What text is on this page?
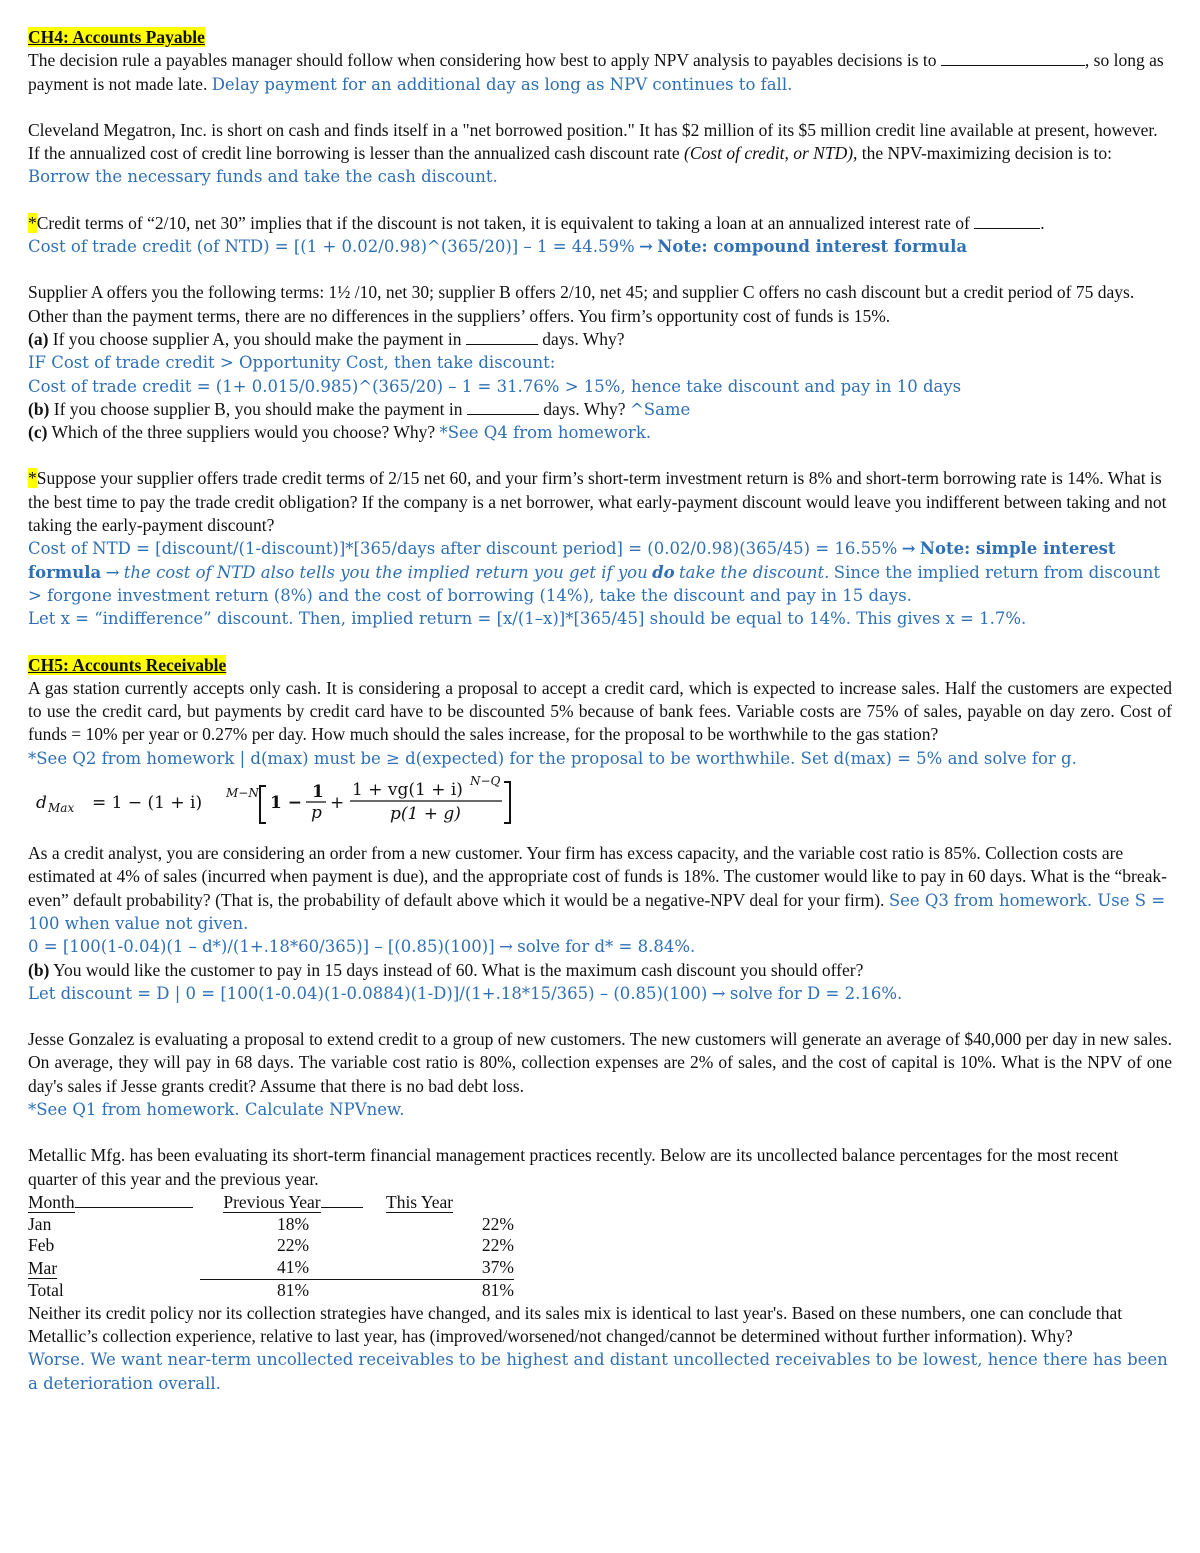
CH4: Accounts Payable

The decision rule a payables manager should follow when considering how best to apply NPV analysis to payables decisions is to	, so long as payment is not made late. Delay payment for an additional day as long as NPV continues to fall.

Cleveland Megatron, Inc. is short on cash and finds itself in a "net borrowed position." It has $2 million of its $5 million credit line available at present, however. If the annualized cost of credit line borrowing is lesser than the annualized cash discount rate (Cost of credit, or NTD), the NPV-maximizing decision is to: Borrow the necessary funds and take the cash discount.

*Credit terms of “2/10, net 30” implies that if the discount is not taken, it is equivalent to taking a loan at an annualized interest rate of	.

Cost of trade credit (of NTD) = [(1 + 0.02/0.98)^(365/20)] – 1 = 44.59% → Note: compound interest formula

Supplier A offers you the following terms: 1½ /10, net 30; supplier B offers 2/10, net 45; and supplier C offers no cash discount but a credit period of 75 days. Other than the payment terms, there are no differences in the suppliers’ offers. You firm’s opportunity cost of funds is 15%.

(a) If you choose supplier A, you should make the payment in	days. Why?

IF Cost of trade credit > Opportunity Cost, then take discount:

Cost of trade credit = (1+ 0.015/0.985)^(365/20) – 1 = 31.76% > 15%, hence take discount and pay in 10 days

(b) If you choose supplier B, you should make the payment in	days. Why? ^Same

(c) Which of the three suppliers would you choose? Why? *See Q4 from homework.

*Suppose your supplier offers trade credit terms of 2/15 net 60, and your firm’s short-term investment return is 8% and short-term borrowing rate is 14%. What is the best time to pay the trade credit obligation? If the company is a net borrower, what early-payment discount would leave you indifferent between taking and not taking the early-payment discount?

Cost of NTD = [discount/(1-discount)]*[365/days after discount period] = (0.02/0.98)(365/45) = 16.55% → Note: simple interest formula → the cost of NTD also tells you the implied return you get if you do take the discount. Since the implied return from discount > forgone investment return (8%) and the cost of borrowing (14%), take the discount and pay in 15 days.

Let x = “indifference” discount. Then, implied return = [x/(1–x)]*[365/45] should be equal to 14%. This gives x = 1.7%.

CH5: Accounts Receivable

A gas station currently accepts only cash. It is considering a proposal to accept a credit card, which is expected to increase sales. Half the customers are expected to use the credit card, but payments by credit card have to be discounted 5% because of bank fees. Variable costs are 75% of sales, payable on day zero. Cost of funds = 10% per year or 0.27% per day. How much should the sales increase, for the proposal to be worthwhile to the gas station?

*See Q2 from homework | d(max) must be ≥ d(expected) for the proposal to be worthwhile. Set d(max) = 5% and solve for g.

d Max = 1 − (1 + i) M−N 1 −
1
p +
1 + vg(1 + i) N−Q
p(1 + g)

As a credit analyst, you are considering an order from a new customer. Your firm has excess capacity, and the variable cost ratio is 85%. Collection costs are estimated at 4% of sales (incurred when payment is due), and the appropriate cost of funds is 18%. The customer would like to pay in 60 days. What is the “break-even” default probability? (That is, the probability of default above which it would be a negative-NPV deal for your firm). See Q3 from homework. Use S = 100 when value not given.

0 = [100(1-0.04)(1 – d*)/(1+.18*60/365)] – [(0.85)(100)] → solve for d* = 8.84%.

(b) You would like the customer to pay in 15 days instead of 60. What is the maximum cash discount you should offer?

Let discount = D | 0 = [100(1-0.04)(1-0.0884)(1-D)]/(1+.18*15/365) – (0.85)(100) → solve for D = 2.16%.

Jesse Gonzalez is evaluating a proposal to extend credit to a group of new customers. The new customers will generate an average of $40,000 per day in new sales. On average, they will pay in 68 days. The variable cost ratio is 80%, collection expenses are 2% of sales, and the cost of capital is 10%. What is the NPV of one day's sales if Jesse grants credit? Assume that there is no bad debt loss.

*See Q1 from homework. Calculate NPVnew.

Metallic Mfg. has been evaluating its short-term financial management practices recently. Below are its uncollected balance percentages for the most recent quarter of this year and the previous year.

Month	Previous Year	This Year
Jan	18%	22%
Feb	22%	22%
Mar	41%	37%
Total	81%	81%

Neither its credit policy nor its collection strategies have changed, and its sales mix is identical to last year's. Based on these numbers, one can conclude that Metallic’s collection experience, relative to last year, has (improved/worsened/not changed/cannot be determined without further information). Why?

Worse. We want near-term uncollected receivables to be highest and distant uncollected receivables to be lowest, hence there has been a deterioration overall.
